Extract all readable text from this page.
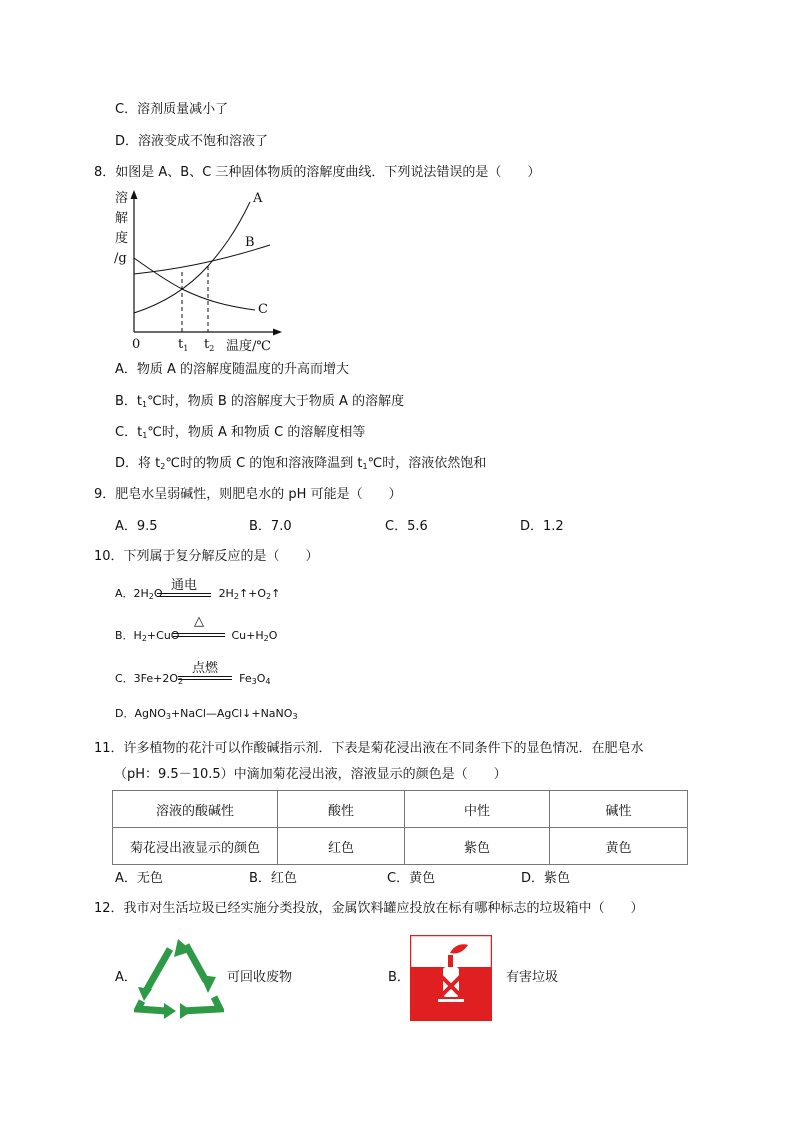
C．溶剂质量减小了
D．溶液变成不饱和溶液了
8．如图是 A、B、C 三种固体物质的溶解度曲线．下列说法错误的是（　　）
溶
解
度
/g
0	$t_1$ $t_2$ 温度/℃
A
B
C
A．物质 A 的溶解度随温度的升高而增大
B．$t_1℃$时，物质 B 的溶解度大于物质 A 的溶解度
C．$t_1℃$时，物质 A 和物质 C 的溶解度相等
D．将 $t_2℃$时的物质 C 的饱和溶液降温到 $t_1℃$时，溶液依然饱和
9．肥皂水呈弱碱性，则肥皂水的 pH 可能是（　　）
A．9.5	B．7.0	C．5.6	D．1.2
10．下列属于复分解反应的是（　　）
A．$2H_2O$	$2H_2↑+O_2↑$
通电
B．$H_2+CuO$	$Cu+H_2O$
△
C．$3Fe+2O_2$	$Fe_3O_4$
点燃
D．AgNO$_3$+NaCl—AgCl↓+NaNO$_3$
11．许多植物的花汁可以作酸碱指示剂．下表是菊花浸出液在不同条件下的显色情况．在肥皂水
（pH：9.5－10.5）中滴加菊花浸出液，溶液显示的颜色是（　　）
溶液的酸碱性	酸性	中性	碱性
菊花浸出液显示的颜色	红色	紫色	黄色
A．无色	B．红色	C．黄色	D．紫色
12．我市对生活垃圾已经实施分类投放，金属饮料罐应投放在标有哪种标志的垃圾箱中（　　）
A．	可回收废物	B．	有害垃圾
